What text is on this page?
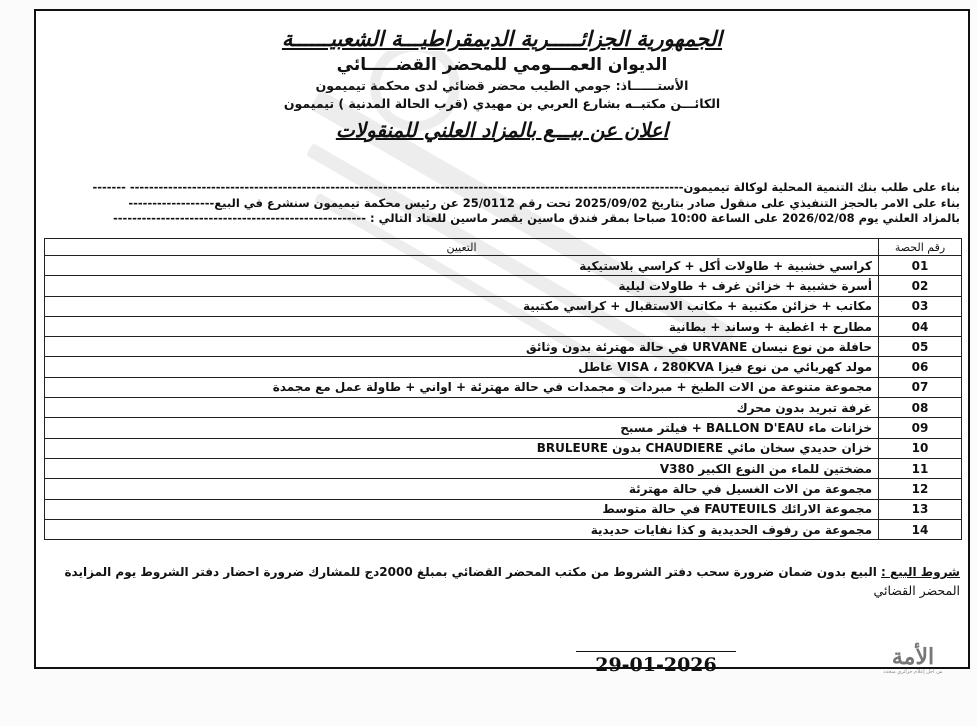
الجمهورية الجزائـــــرية الديمقراطيـــة الشعبيــــــة
الديوان العمـــومي للمحضر القضـــــائي
الأستــــــاذ: جومي الطيب محضر قضائي لدى محكمة تيميمون
الكائـــن مكتبــه بشارع العربي بن مهيدي (قرب الحالة المدنية ) تيميمون
اعلان عن بيـــع بالمزاد العلني للمنقولات
بناء على طلب بنك التنمية المحلية لوكالة تيميمون-------------------------------------------------------------------------------------------------------------------- -------
بناء على الامر بالحجز التنفيذي على منقول صادر بتاريخ 2025/09/02 تحت رقم 25/0112 عن رئيس محكمة تيميمون سنشرع في البيع------------------
بالمزاد العلني يوم 2026/02/08 على الساعة 10:00 صباحا بمقر فندق ماسين بقصر ماسين للعتاد التالي : -----------------------------------------------------
رقم الحصة	التعيين
01	كراسي خشبية + طاولات أكل + كراسي بلاستيكية
02	أسرة خشبية + خزائن غرف + طاولات ليلية
03	مكاتب + خزائن مكتبية + مكاتب الاستقبال + كراسي مكتبية
04	مطارح + اغطية + وساند + بطانية
05	حافلة من نوع نيسان URVANE في حالة مهترئة بدون وثائق
06	مولد كهربائي من نوع فيزا VISA ، 280KVA عاطل
07	مجموعة متنوعة من الات الطبخ + مبردات و مجمدات في حالة مهترئة + اواني + طاولة عمل مع مجمدة
08	غرفة تبريد بدون محرك
09	خزانات ماء BALLON D'EAU + فيلتر مسبح
10	خزان حديدي سخان مائي CHAUDIERE بدون BRULEURE
11	مضختين للماء من النوع الكبير V380
12	مجموعة من الات الغسيل في حالة مهترئة
13	مجموعة الارائك FAUTEUILS في حالة متوسط
14	مجموعة من رفوف الحديدية و كذا نفايات حديدية
شروط البيع : البيع بدون ضمان ضرورة سحب دفتر الشروط من مكتب المحضر القضائي بمبلغ 2000دج للمشارك ضرورة احضار دفتر الشروط يوم المزايدة
المحضر القضائي
29-01-2026	الأمة
من أجل إعلام جزائري متجدد
